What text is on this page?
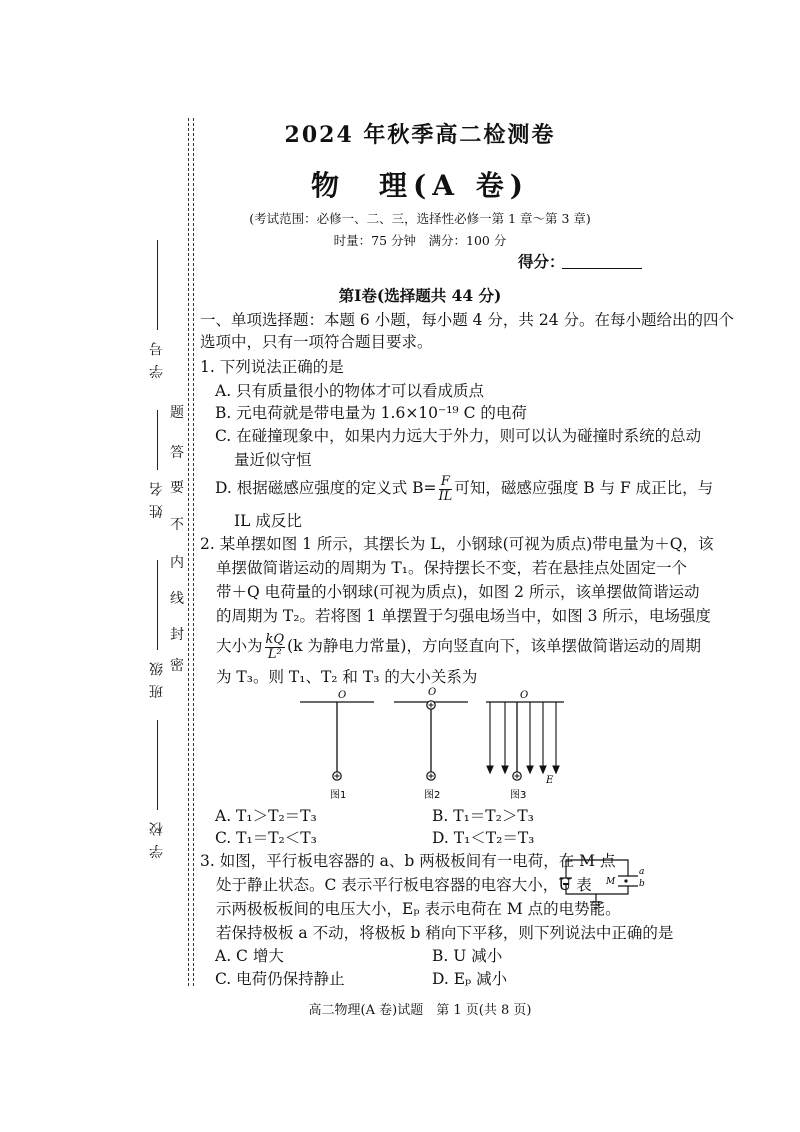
学 号
姓 名
班 级
学 校
密
封
线
内
不
要
答
题
2024 年秋季高二检测卷
物　理(A 卷)
(考试范围：必修一、二、三，选择性必修一第 1 章～第 3 章)
时量：75 分钟　满分：100 分
得分：
第Ⅰ卷(选择题共 44 分)
一、单项选择题：本题 6 小题，每小题 4 分，共 24 分。在每小题给出的四个
选项中，只有一项符合题目要求。
1. 下列说法正确的是
A. 只有质量很小的物体才可以看成质点
B. 元电荷就是带电量为 1.6×10⁻¹⁹ C 的电荷
C. 在碰撞现象中，如果内力远大于外力，则可以认为碰撞时系统的总动
量近似守恒
D. 根据磁感应强度的定义式 $B= \frac{F}{IL}$ 可知，磁感应强度 B 与 F 成正比，与
IL 成反比
2. 某单摆如图 1 所示，其摆长为 L，小钢球(可视为质点)带电量为＋Q，该
单摆做简谐运动的周期为 T₁。保持摆长不变，若在悬挂点处固定一个
带＋Q 电荷量的小钢球(可视为质点)，如图 2 所示，该单摆做简谐运动
的周期为 T₂。若将图 1 单摆置于匀强电场当中，如图 3 所示，电场强度
大小为 $\frac{kQ}{\text{L²}} (k$ 为静电力常量)，方向竖直向下，该单摆做简谐运动的周期
为 T₃。则 T₁、T₂ 和 T₃ 的大小关系为
O
图1
O
图2
O
E
图3
A. T₁＞T₂＝T₃	B. T₁＝T₂＞T₃
C. T₁＝T₂＜T₃	D. T₁＜T₂＝T₃
3. 如图，平行板电容器的 a、b 两极板间有一电荷，在 M 点
处于静止状态。C 表示平行板电容器的电容大小，U 表
示两极板板间的电压大小，Eₚ 表示电荷在 M 点的电势能。
若保持极板 a 不动，将极板 b 稍向下平移，则下列说法中正确的是
M
a
b
A. C 增大	B. U 减小
C. 电荷仍保持静止	D. Eₚ 减小
高二物理(A 卷)试题　第 1 页(共 8 页)
